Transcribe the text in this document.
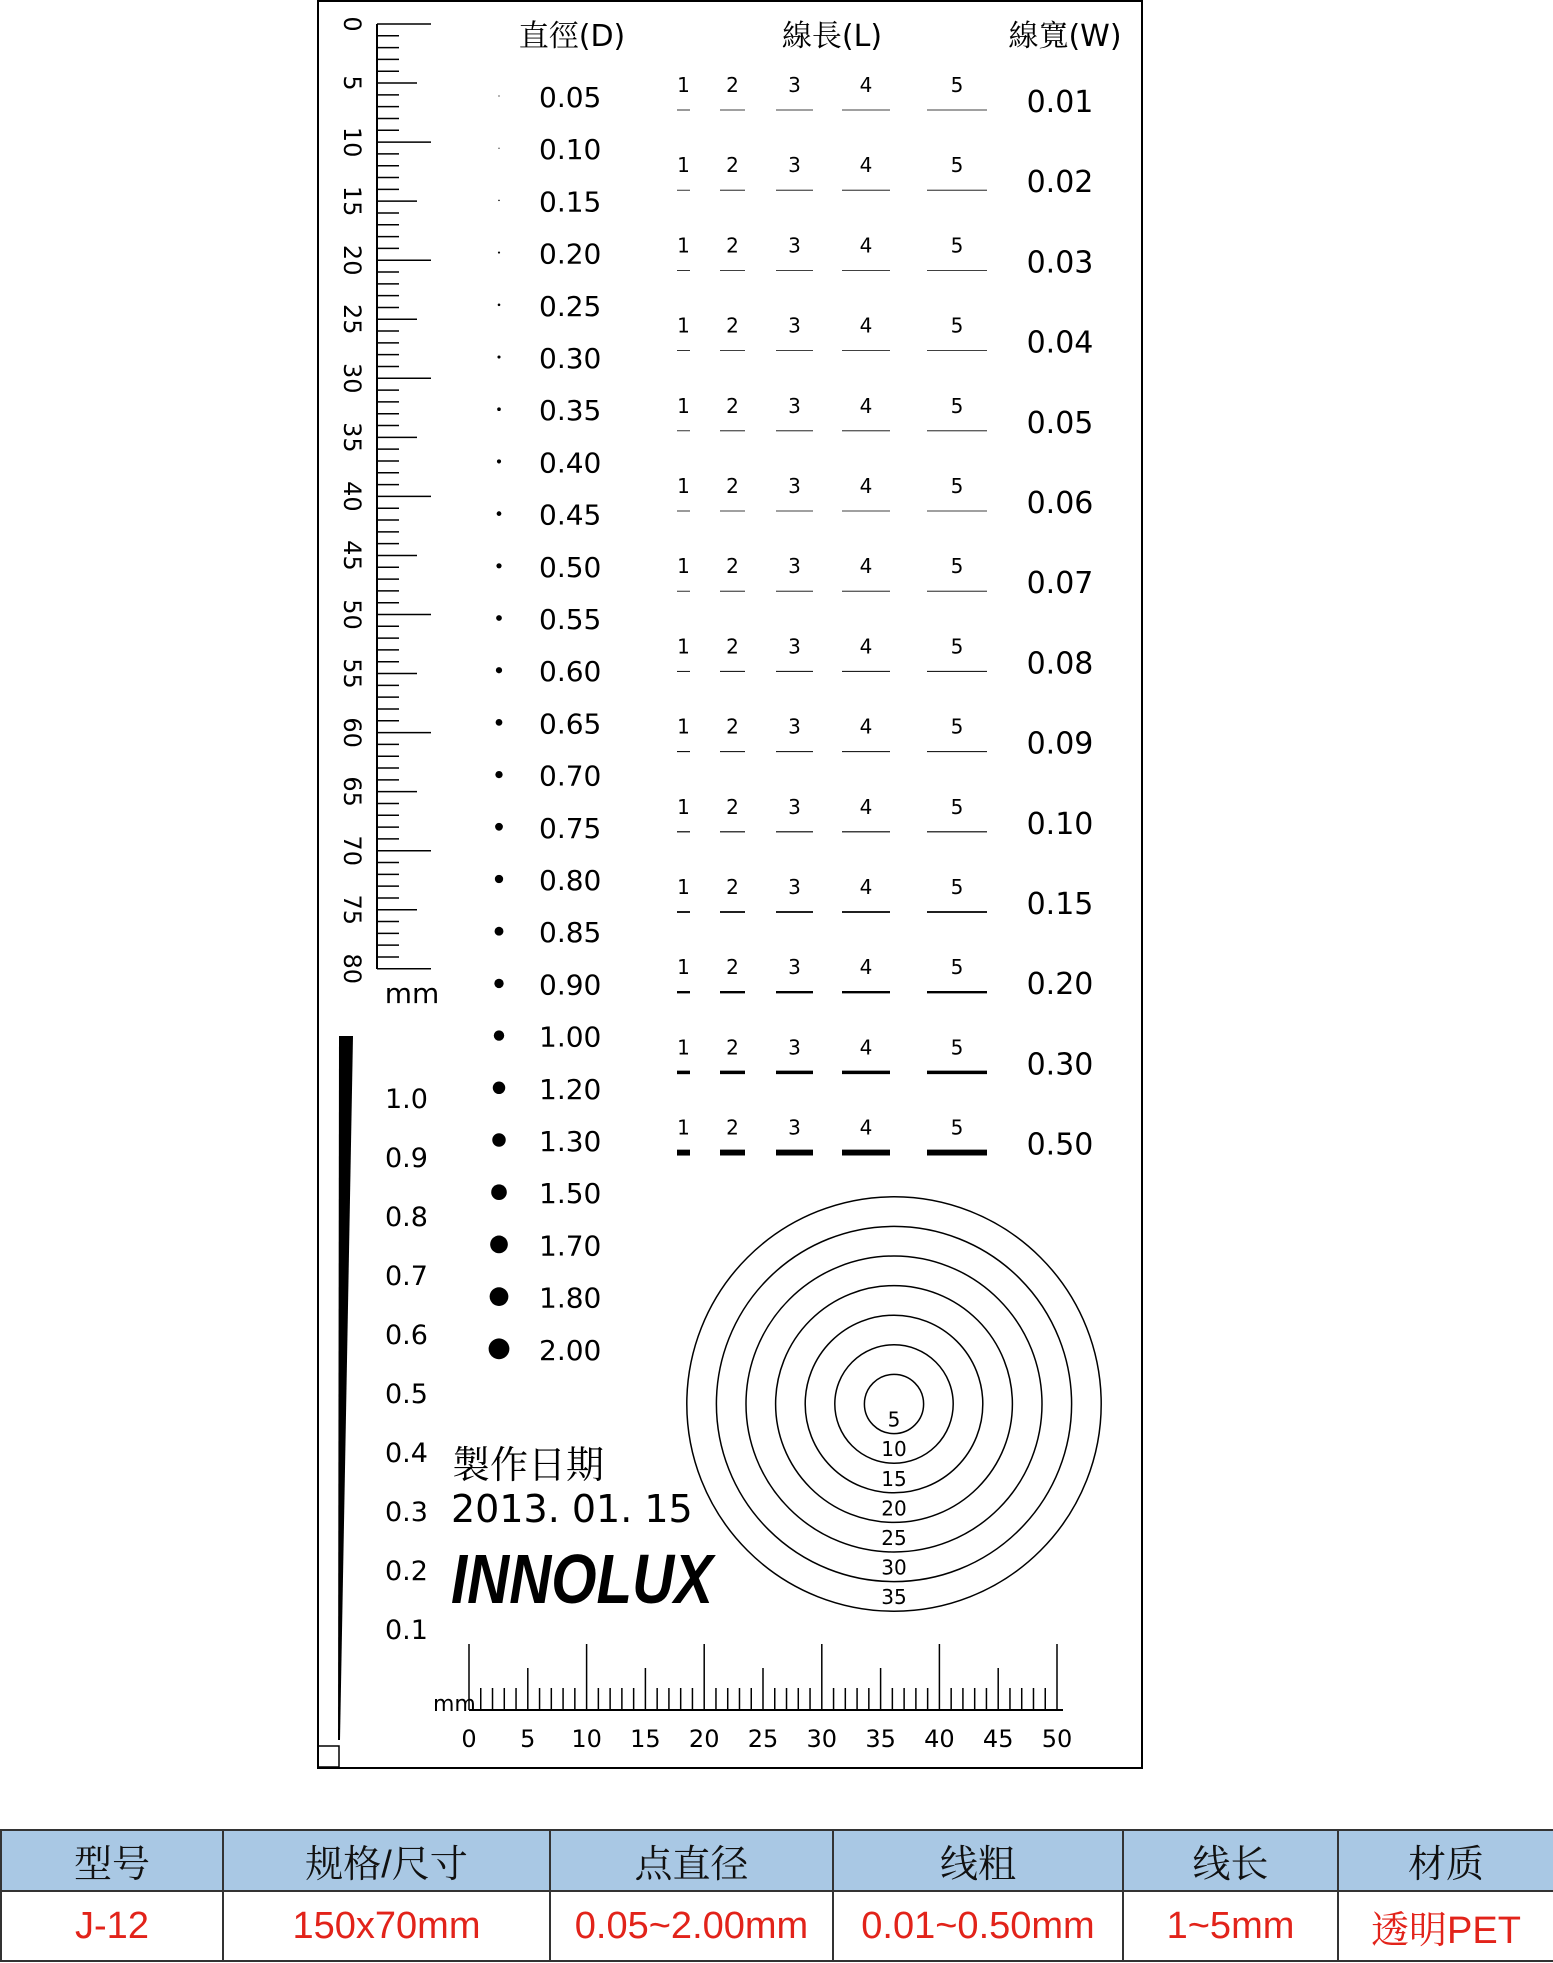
0
5
10
15
20
25
30
35
40
45
50
55
60
65
70
75
80
mm
直徑(D)	線長(L)	線寬(W)
0.05
0.10
0.15
0.20
0.25
0.30
0.35
0.40
0.45
0.50
0.55
0.60
0.65
0.70
0.75
0.80
0.85
0.90
1.00
1.20
1.30
1.50
1.70
1.80
2.00
1 2 3	4	5 0.01
1 2 3	4	5 0.02
1 2 3	4	5 0.03
1 2 3	4	5 0.04
1 2 3	4	5 0.05
1 2 3	4	5 0.06
1 2 3	4	5 0.07
1 2 3	4	5 0.08
1 2 3	4	5 0.09
1 2 3	4	5 0.10
1 2 3	4	5 0.15
1 2 3	4	5 0.20
1 2 3	4	5 0.30
1 2 3	4	5 0.50
1.0
0.9
0.8
0.7
0.6
0.5
0.4
0.3
0.2
0.1
製作日期
2013. 01. 15
INNOLUX
5
10
15
20
25
30
35
0 5 10 15 20 25 30 35 40 45 50
mm
型号	规格/尺寸	点直径	线粗	线长	材质
J-12	150x70mm	0.05~2.00mm	0.01~0.50mm	1~5mm	透明PET
